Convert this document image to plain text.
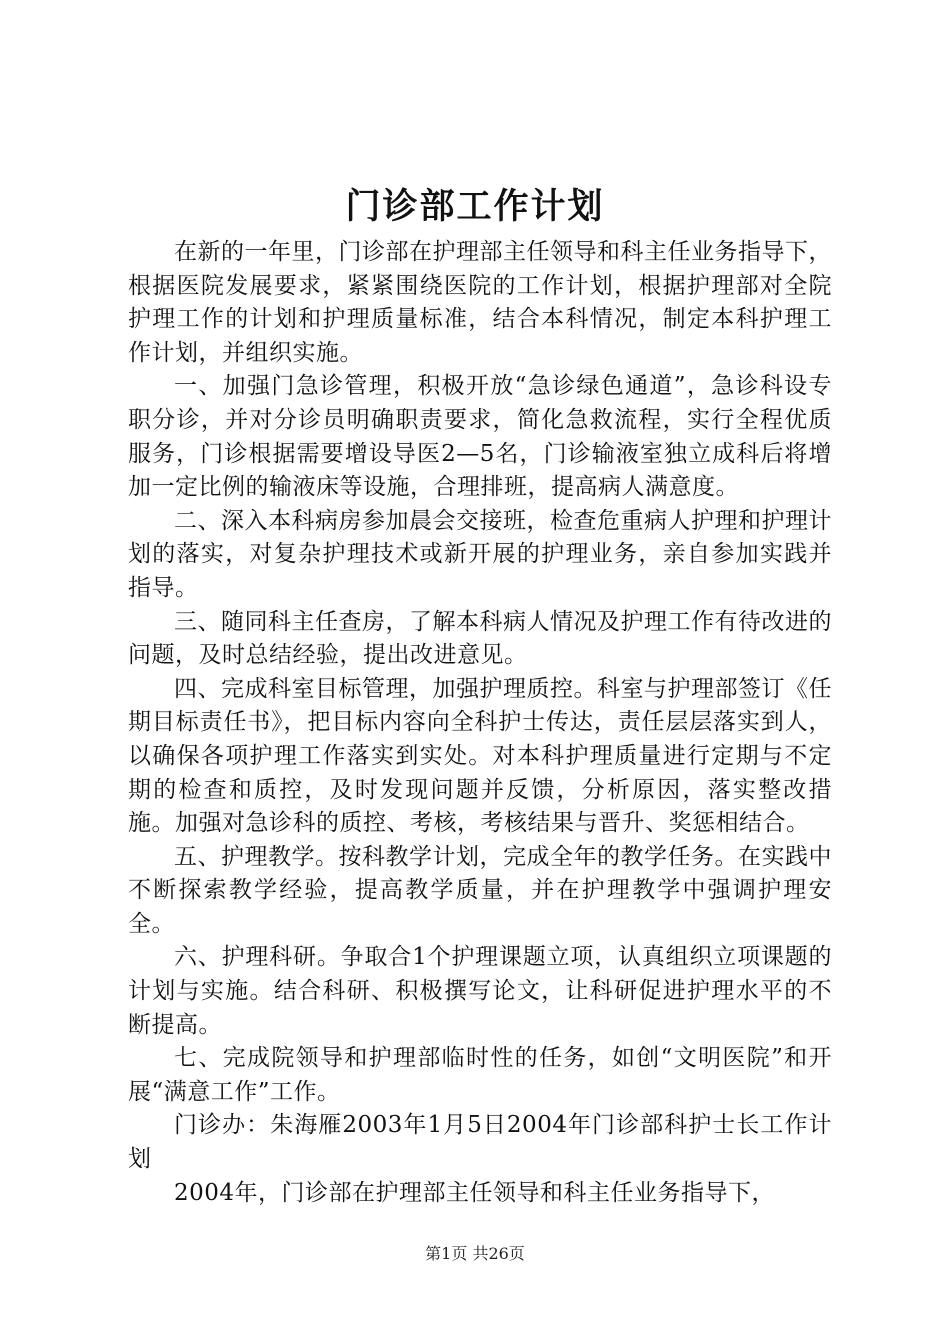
门诊部工作计划

在新的一年里，门诊部在护理部主任领导和科主任业务指导下，根据医院发展要求，紧紧围绕医院的工作计划，根据护理部对全院护理工作的计划和护理质量标准，结合本科情况，制定本科护理工作计划，并组织实施。

一、加强门急诊管理，积极开放“急诊绿色通道”，急诊科设专职分诊，并对分诊员明确职责要求，简化急救流程，实行全程优质服务，门诊根据需要增设导医2—5名，门诊输液室独立成科后将增加一定比例的输液床等设施，合理排班，提高病人满意度。

二、深入本科病房参加晨会交接班，检查危重病人护理和护理计划的落实，对复杂护理技术或新开展的护理业务，亲自参加实践并指导。

三、随同科主任查房，了解本科病人情况及护理工作有待改进的问题，及时总结经验，提出改进意见。

四、完成科室目标管理，加强护理质控。科室与护理部签订《任期目标责任书》，把目标内容向全科护士传达，责任层层落实到人，以确保各项护理工作落实到实处。对本科护理质量进行定期与不定期的检查和质控，及时发现问题并反馈，分析原因，落实整改措施。加强对急诊科的质控、考核，考核结果与晋升、奖惩相结合。

五、护理教学。按科教学计划，完成全年的教学任务。在实践中不断探索教学经验，提高教学质量，并在护理教学中强调护理安全。

六、护理科研。争取合1个护理课题立项，认真组织立项课题的计划与实施。结合科研、积极撰写论文，让科研促进护理水平的不断提高。

七、完成院领导和护理部临时性的任务，如创“文明医院”和开展“满意工作”工作。

门诊办：朱海雁2003年1月5日2004年门诊部科护士长工作计划

2004年，门诊部在护理部主任领导和科主任业务指导下，

第1页 共26页
